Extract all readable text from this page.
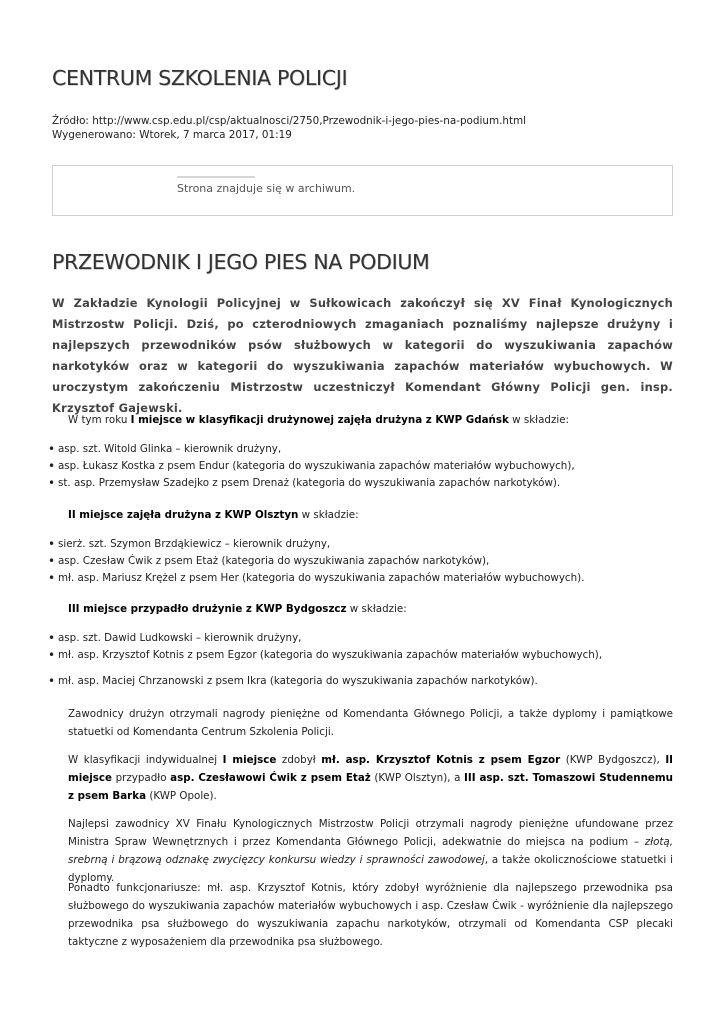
CENTRUM SZKOLENIA POLICJI
Źródło: http://www.csp.edu.pl/csp/aktualnosci/2750,Przewodnik-i-jego-pies-na-podium.html
Wygenerowano: Wtorek, 7 marca 2017, 01:19
Strona znajduje się w archiwum.
PRZEWODNIK I JEGO PIES NA PODIUM

W Zakładzie Kynologii Policyjnej w Sułkowicach zakończył się XV Finał Kynologicznych Mistrzostw Policji. Dziś, po czterodniowych zmaganiach poznaliśmy najlepsze drużyny i najlepszych przewodników psów służbowych w kategorii do wyszukiwania zapachów narkotyków oraz w kategorii do wyszukiwania zapachów materiałów wybuchowych. W uroczystym zakończeniu Mistrzostw uczestniczył Komendant Główny Policji gen. insp. Krzysztof Gajewski.

W tym roku I miejsce w klasyfikacji drużynowej zajęła drużyna z KWP Gdańsk w składzie:

• asp. szt. Witold Glinka – kierownik drużyny,
• asp. Łukasz Kostka z psem Endur (kategoria do wyszukiwania zapachów materiałów wybuchowych),
• st. asp. Przemysław Szadejko z psem Drenaż (kategoria do wyszukiwania zapachów narkotyków).

II miejsce zajęła drużyna z KWP Olsztyn w składzie:

• sierż. szt. Szymon Brzdąkiewicz – kierownik drużyny,
• asp. Czesław Ćwik z psem Etaż (kategoria do wyszukiwania zapachów narkotyków),
• mł. asp. Mariusz Krężel z psem Her (kategoria do wyszukiwania zapachów materiałów wybuchowych).

III miejsce przypadło drużynie z KWP Bydgoszcz w składzie:

• asp. szt. Dawid Ludkowski – kierownik drużyny,
• mł. asp. Krzysztof Kotnis z psem Egzor (kategoria do wyszukiwania zapachów materiałów wybuchowych),
• mł. asp. Maciej Chrzanowski z psem Ikra (kategoria do wyszukiwania zapachów narkotyków).

Zawodnicy drużyn otrzymali nagrody pieniężne od Komendanta Głównego Policji, a także dyplomy i pamiątkowe statuetki od Komendanta Centrum Szkolenia Policji.

W klasyfikacji indywidualnej I miejsce zdobył mł. asp. Krzysztof Kotnis z psem Egzor (KWP Bydgoszcz), II miejsce przypadło asp. Czesławowi Ćwik z psem Etaż (KWP Olsztyn), a III asp. szt. Tomaszowi Studennemu z psem Barka (KWP Opole).

Najlepsi zawodnicy XV Finału Kynologicznych Mistrzostw Policji otrzymali nagrody pieniężne ufundowane przez Ministra Spraw Wewnętrznych i przez Komendanta Głównego Policji, adekwatnie do miejsca na podium – złotą, srebrną i brązową odznakę zwycięzcy konkursu wiedzy i sprawności zawodowej, a także okolicznościowe statuetki i dyplomy.

Ponadto funkcjonariusze: mł. asp. Krzysztof Kotnis, który zdobył wyróżnienie dla najlepszego przewodnika psa służbowego do wyszukiwania zapachów materiałów wybuchowych i asp. Czesław Ćwik - wyróżnienie dla najlepszego przewodnika psa służbowego do wyszukiwania zapachu narkotyków, otrzymali od Komendanta CSP plecaki taktyczne z wyposażeniem dla przewodnika psa służbowego.
